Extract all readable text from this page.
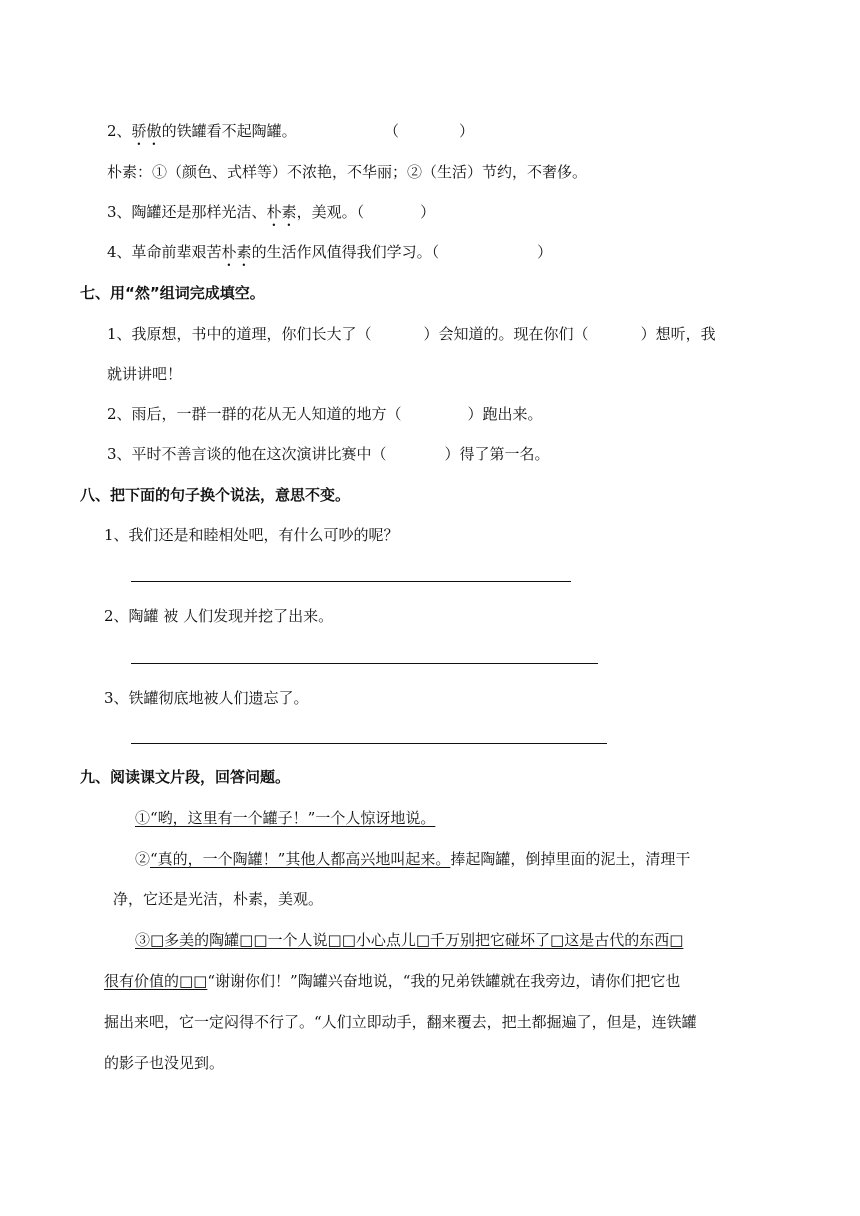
2、骄傲的铁罐看不起陶罐。	（	）
朴素：①（颜色、式样等）不浓艳，不华丽；②（生活）节约，不奢侈。
3、陶罐还是那样光洁、朴素，美观。（	）
4、革命前辈艰苦朴素的生活作风值得我们学习。（	）
七、用“然”组词完成填空。
1、我原想，书中的道理，你们长大了（	）会知道的。现在你们（	）想听，我
就讲讲吧！
2、雨后，一群一群的花从无人知道的地方（	）跑出来。
3、平时不善言谈的他在这次演讲比赛中（	）得了第一名。
八、把下面的句子换个说法，意思不变。
1、我们还是和睦相处吧，有什么可吵的呢？
2、陶罐 被 人们发现并挖了出来。
3、铁罐彻底地被人们遗忘了。
九、阅读课文片段，回答问题。
①“哟，这里有一个罐子！”一个人惊讶地说。
②“真的，一个陶罐！”其他人都高兴地叫起来。捧起陶罐，倒掉里面的泥土，清理干
净，它还是光洁，朴素，美观。
③□多美的陶罐□□一个人说□□小心点儿□千万别把它碰坏了□这是古代的东西□
很有价值的□□“谢谢你们！”陶罐兴奋地说，“我的兄弟铁罐就在我旁边，请你们把它也
掘出来吧，它一定闷得不行了。“人们立即动手，翻来覆去，把土都掘遍了，但是，连铁罐
的影子也没见到。
